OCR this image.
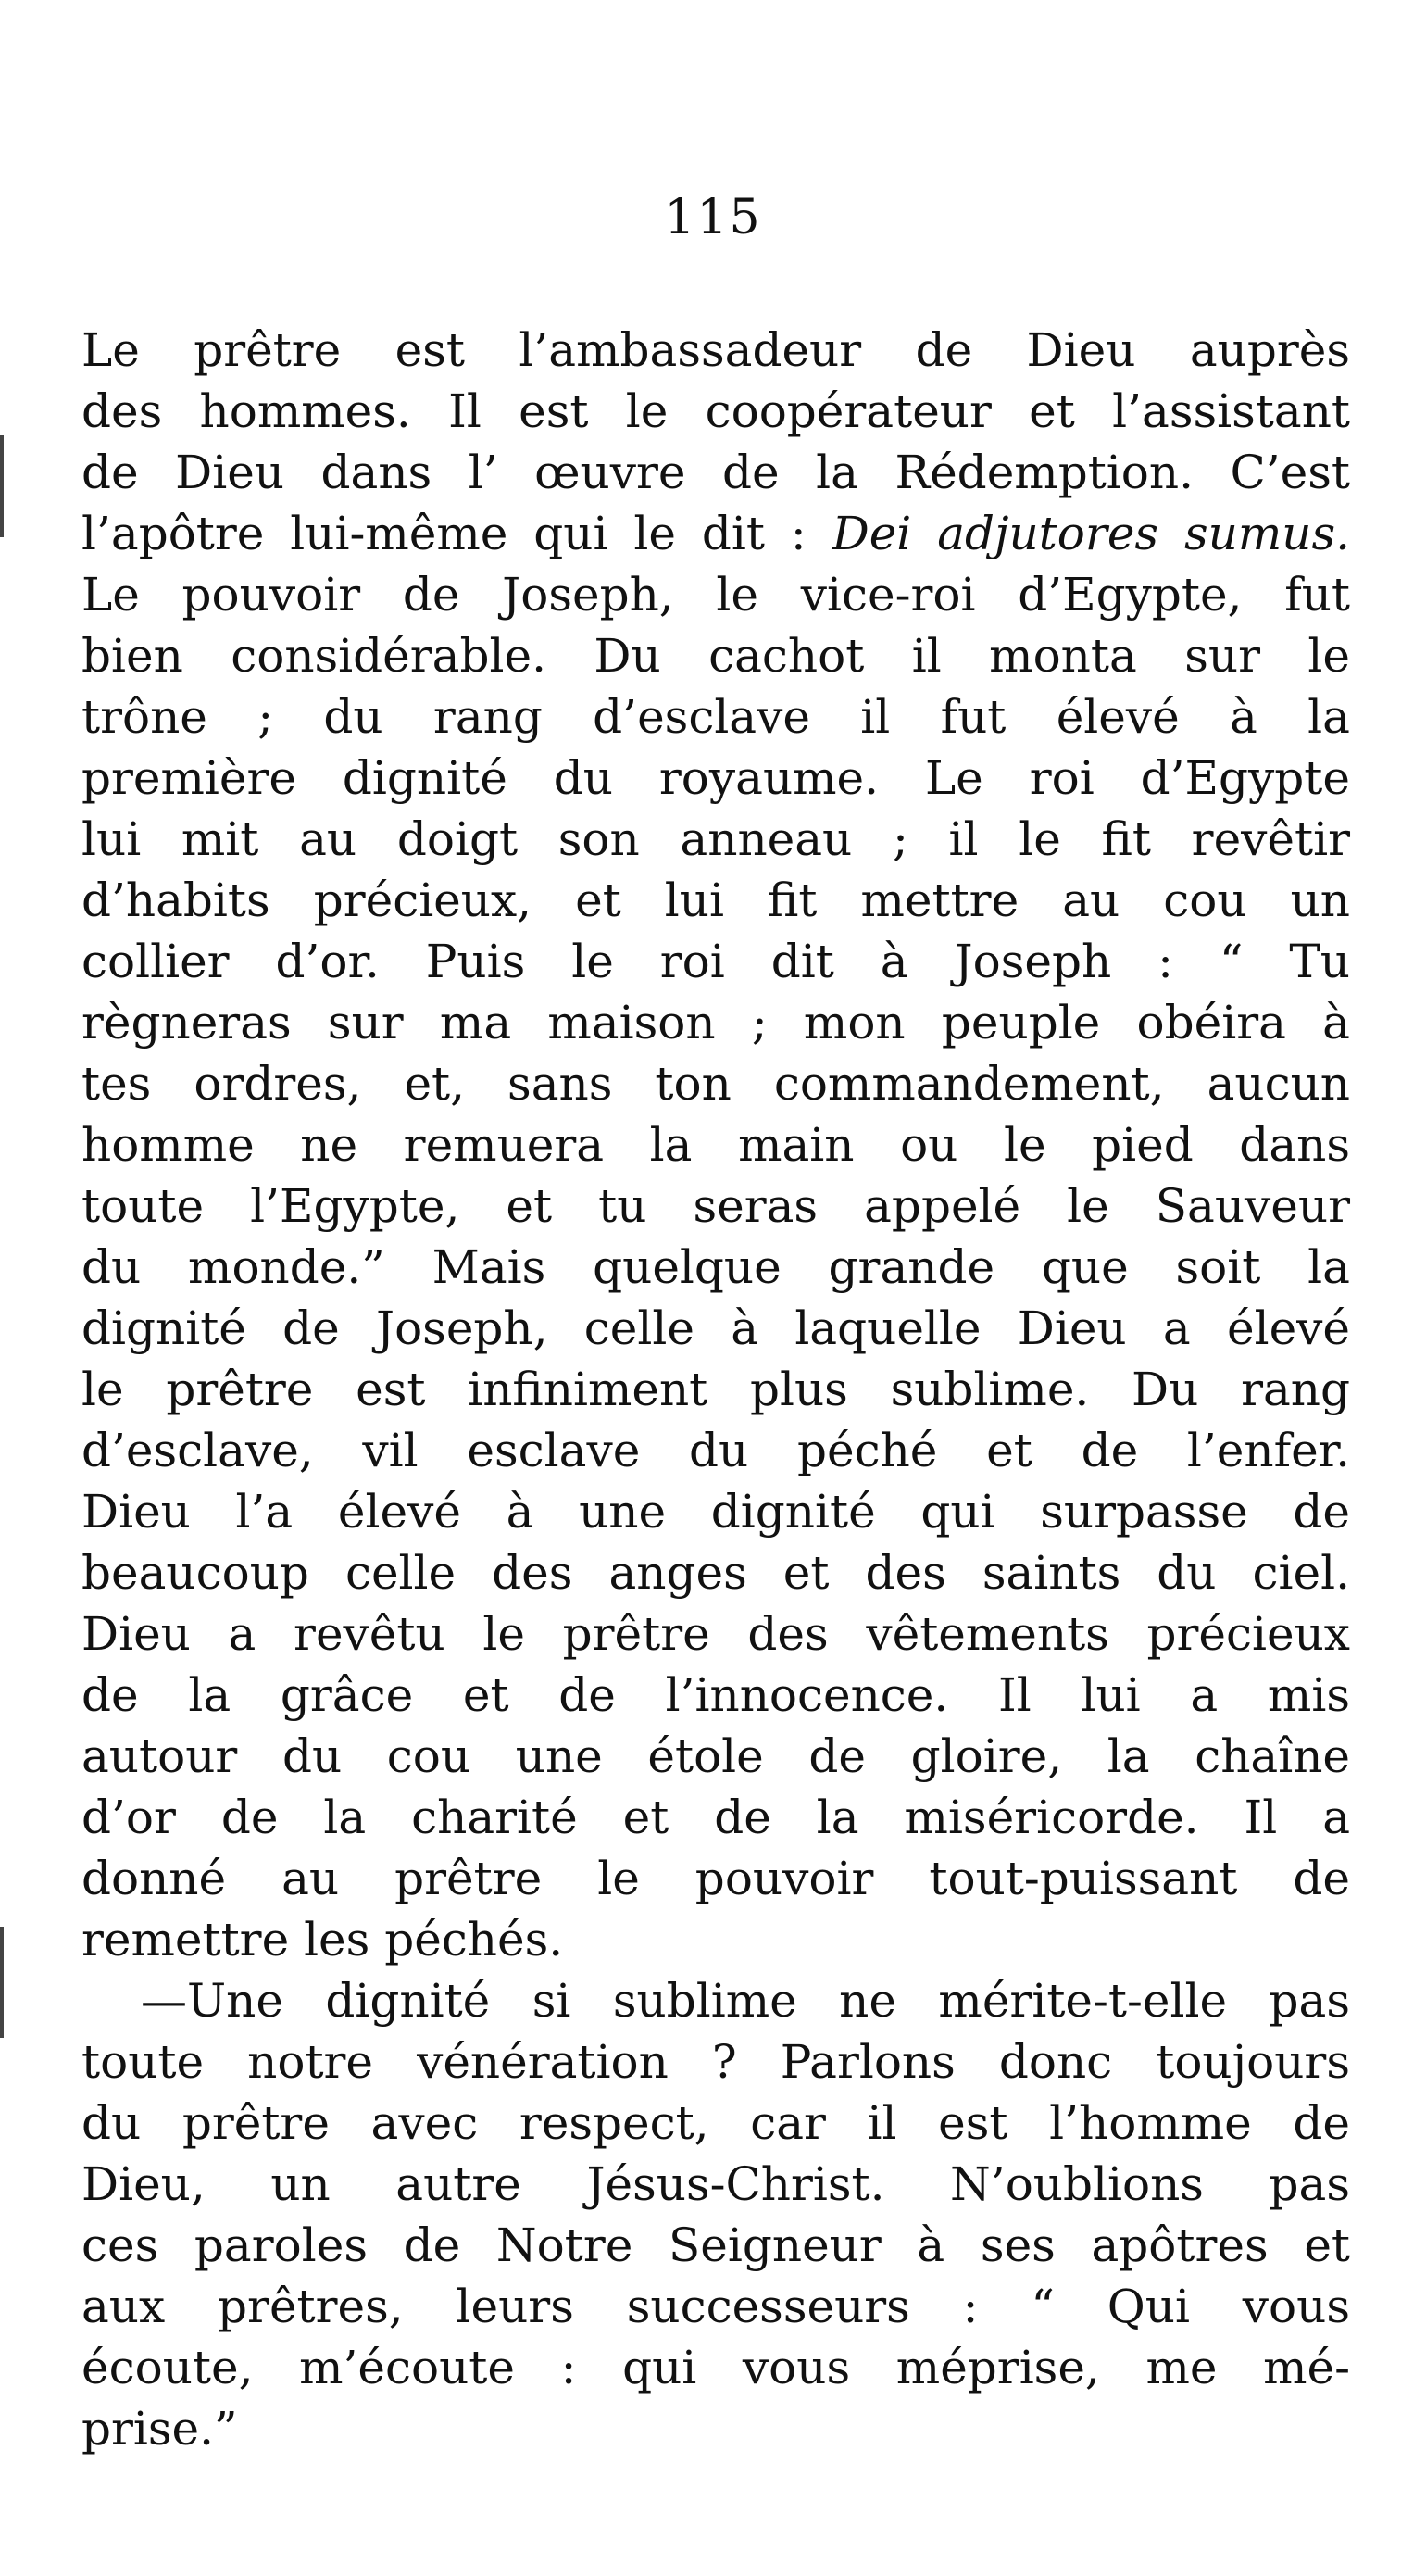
115
Le prêtre est l’ambassadeur de Dieu auprès
des hommes. Il est le coopérateur et l’assistant
de Dieu dans l’ œuvre de la Rédemption. C’est
l’apôtre lui-même qui le dit : Dei adjutores sumus.
Le pouvoir de Joseph, le vice-roi d’Egypte, fut
bien considérable. Du cachot il monta sur le
trône ; du rang d’esclave il fut élevé à la
première dignité du royaume. Le roi d’Egypte
lui mit au doigt son anneau ; il le fit revêtir
d’habits précieux, et lui fit mettre au cou un
collier d’or. Puis le roi dit à Joseph : “ Tu
règneras sur ma maison ; mon peuple obéira à
tes ordres, et, sans ton commandement, aucun
homme ne remuera la main ou le pied dans
toute l’Egypte, et tu seras appelé le Sauveur
du monde.” Mais quelque grande que soit la
dignité de Joseph, celle à laquelle Dieu a élevé
le prêtre est infiniment plus sublime. Du rang
d’esclave, vil esclave du péché et de l’enfer.
Dieu l’a élevé à une dignité qui surpasse de
beaucoup celle des anges et des saints du ciel.
Dieu a revêtu le prêtre des vêtements précieux
de la grâce et de l’innocence. Il lui a mis
autour du cou une étole de gloire, la chaîne
d’or de la charité et de la miséricorde. Il a
donné au prêtre le pouvoir tout-puissant de
remettre les péchés.
—Une dignité si sublime ne mérite-t-elle pas
toute notre vénération ? Parlons donc toujours
du prêtre avec respect, car il est l’homme de
Dieu, un autre Jésus-Christ. N’oublions pas
ces paroles de Notre Seigneur à ses apôtres et
aux prêtres, leurs successeurs : “ Qui vous
écoute, m’écoute : qui vous méprise, me mé-
prise.”
